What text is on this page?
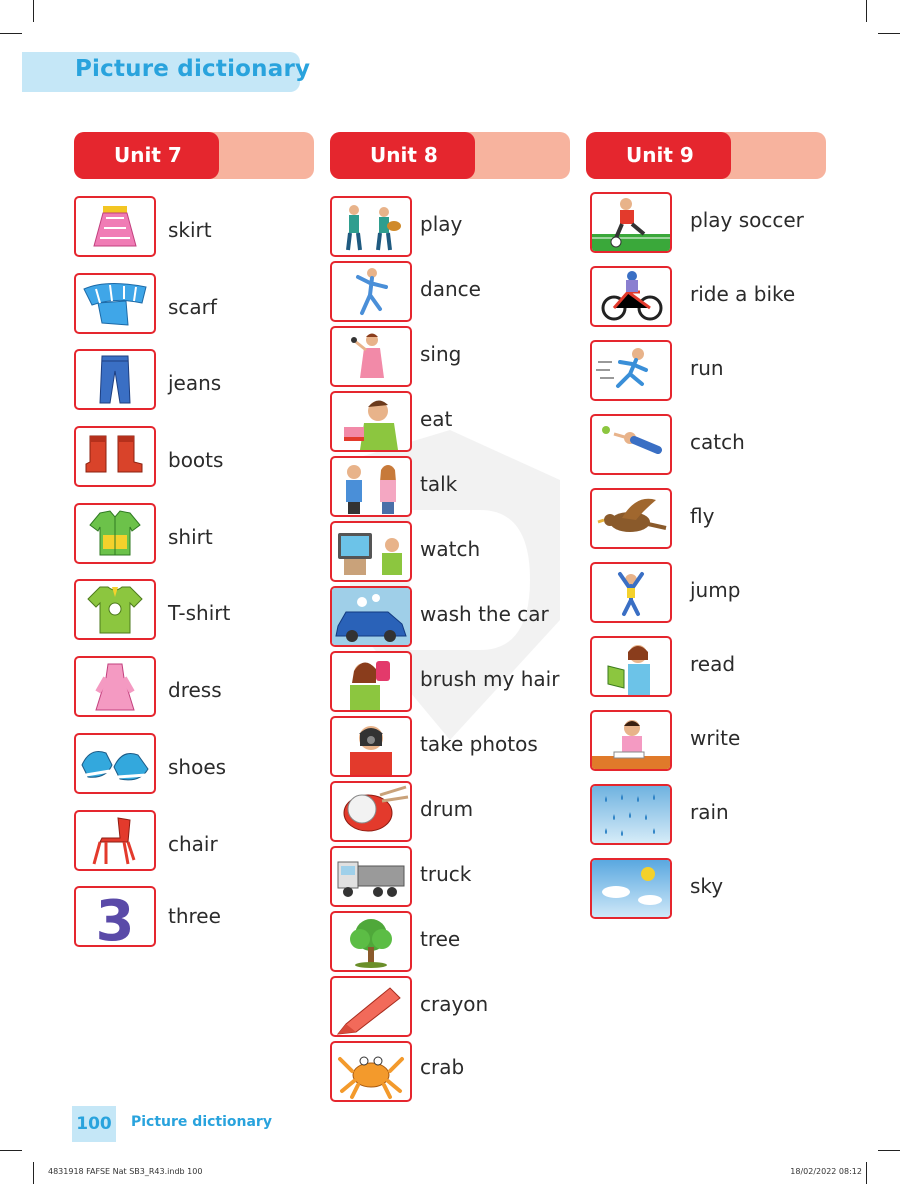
Picture dictionary
Unit 7	Unit 8	Unit 9
skirt
scarf
jeans
boots
shirt
T-shirt
dress
shoes
chair
3 three
play
dance
sing
eat
talk
watch
wash the car
brush my hair
take photos
drum
truck
tree
crayon
crab
play soccer
ride a bike
run
catch
fly
jump
read
write
rain
sky
100	Picture dictionary
4831918 FAFSE Nat SB3_R43.indb 100	18/02/2022 08:12
